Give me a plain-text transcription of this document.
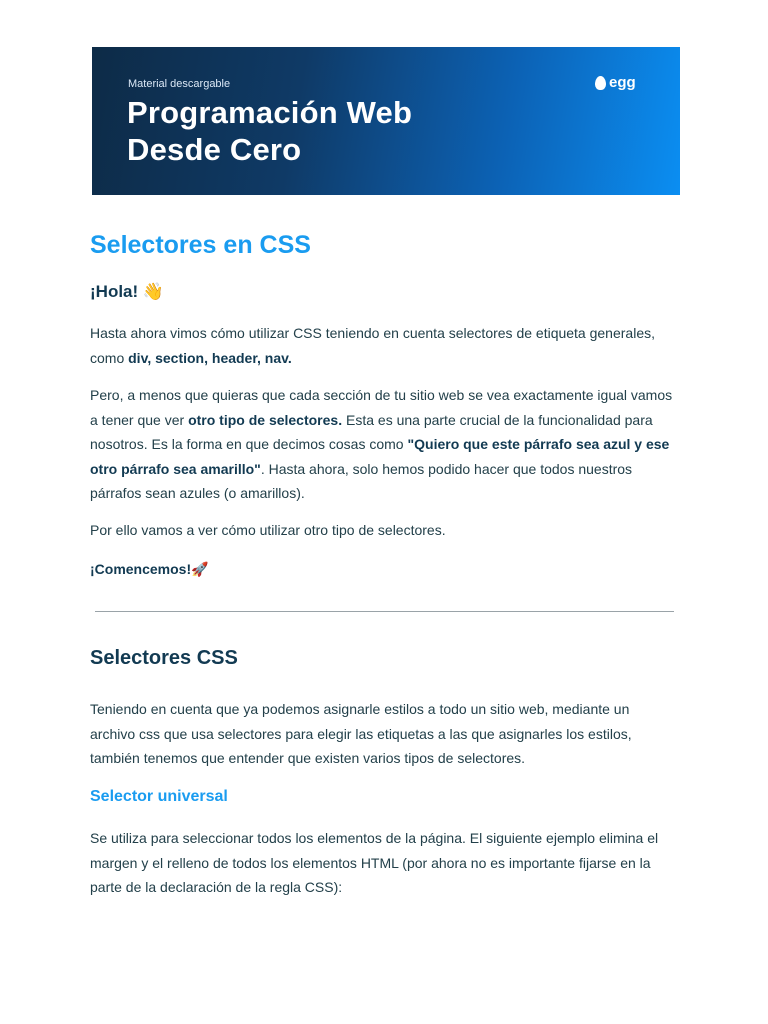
Material descargable
Programación Web
Desde Cero
egg
Selectores en CSS
¡Hola! 👋
Hasta ahora vimos cómo utilizar CSS teniendo en cuenta selectores de etiqueta generales, como div, section, header, nav.
Pero, a menos que quieras que cada sección de tu sitio web se vea exactamente igual vamos a tener que ver otro tipo de selectores. Esta es una parte crucial de la funcionalidad para nosotros. Es la forma en que decimos cosas como "Quiero que este párrafo sea azul y ese otro párrafo sea amarillo". Hasta ahora, solo hemos podido hacer que todos nuestros párrafos sean azules (o amarillos).
Por ello vamos a ver cómo utilizar otro tipo de selectores.
¡Comencemos!🚀
Selectores CSS
Teniendo en cuenta que ya podemos asignarle estilos a todo un sitio web, mediante un archivo css que usa selectores para elegir las etiquetas a las que asignarles los estilos, también tenemos que entender que existen varios tipos de selectores.
Selector universal
Se utiliza para seleccionar todos los elementos de la página. El siguiente ejemplo elimina el margen y el relleno de todos los elementos HTML (por ahora no es importante fijarse en la parte de la declaración de la regla CSS):
